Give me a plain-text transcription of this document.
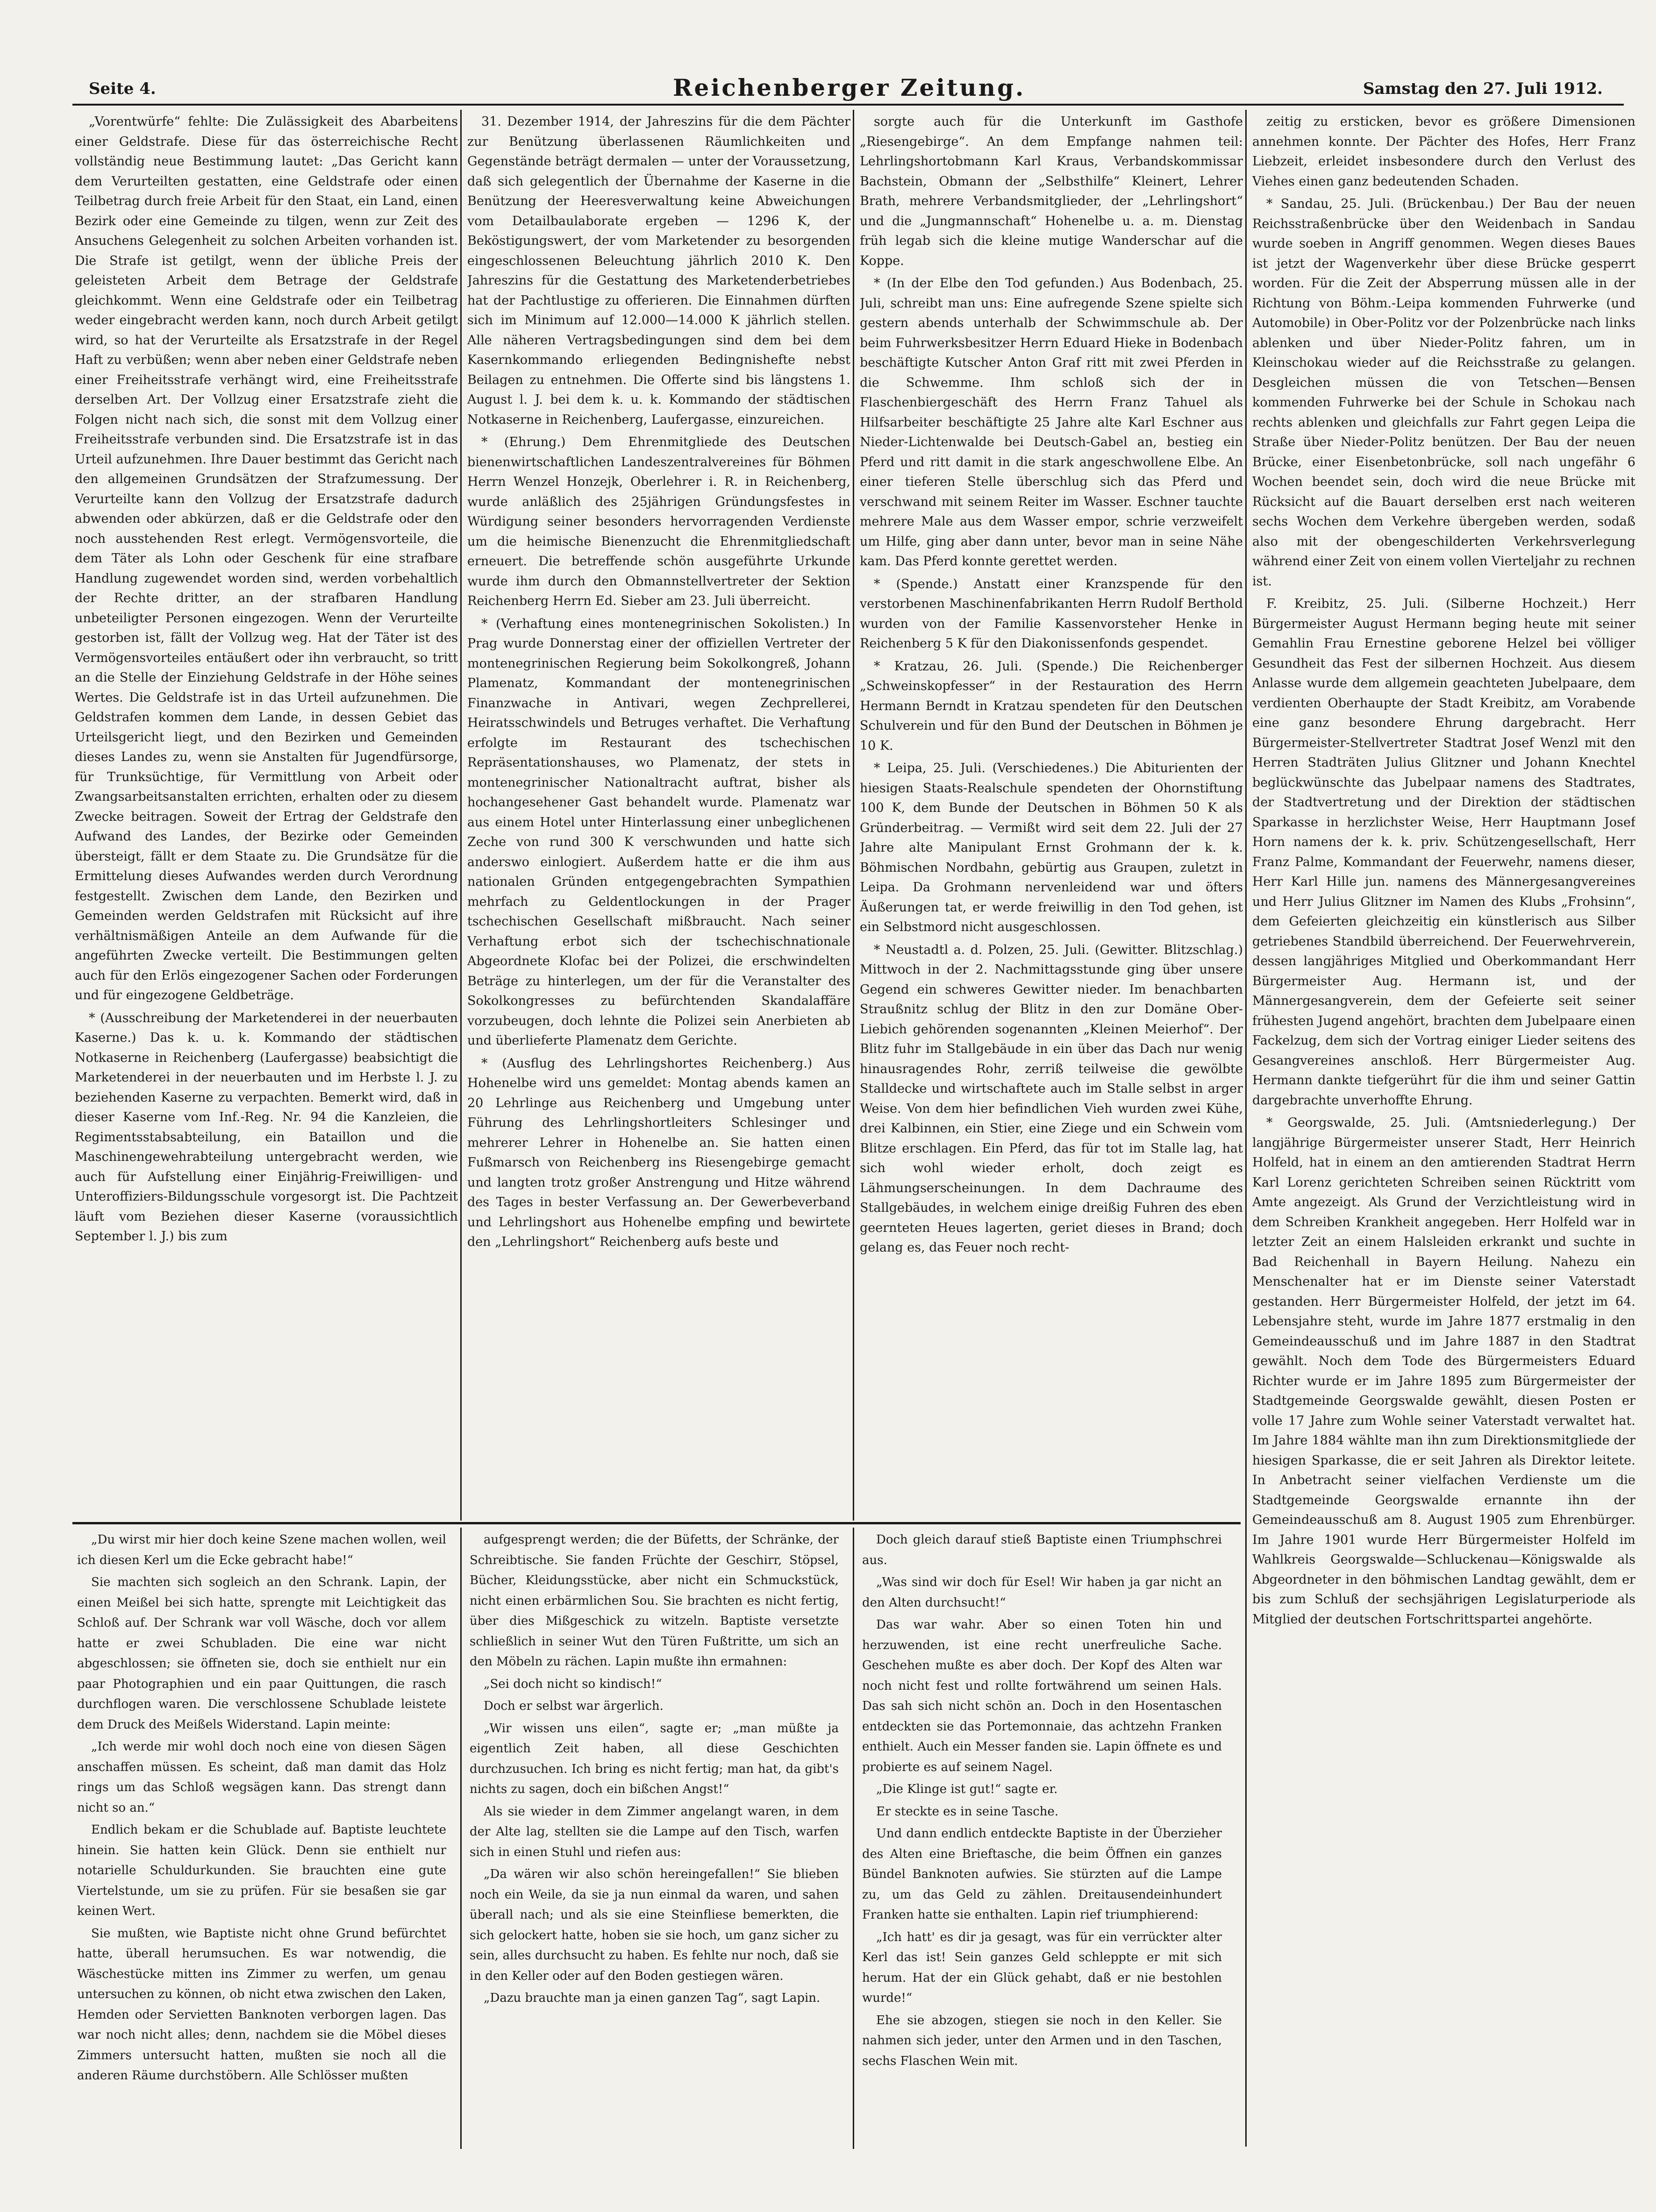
Seite 4.	Reichenberger Zeitung.	Samstag den 27. Juli 1912.

„Vorentwürfe“ fehlte: Die Zulässigkeit des Abarbeitens einer Geldstrafe. Diese für das österreichische Recht vollständig neue Bestimmung lautet: „Das Gericht kann dem Verurteilten gestatten, eine Geldstrafe oder einen Teilbetrag durch freie Arbeit für den Staat, ein Land, einen Bezirk oder eine Gemeinde zu tilgen, wenn zur Zeit des Ansuchens Gelegenheit zu solchen Arbeiten vorhanden ist. Die Strafe ist getilgt, wenn der übliche Preis der geleisteten Arbeit dem Betrage der Geldstrafe gleichkommt. Wenn eine Geldstrafe oder ein Teilbetrag weder eingebracht werden kann, noch durch Arbeit getilgt wird, so hat der Verurteilte als Ersatzstrafe in der Regel Haft zu verbüßen; wenn aber neben einer Geldstrafe neben einer Freiheitsstrafe verhängt wird, eine Freiheitsstrafe derselben Art. Der Vollzug einer Ersatzstrafe zieht die Folgen nicht nach sich, die sonst mit dem Vollzug einer Freiheitsstrafe verbunden sind. Die Ersatzstrafe ist in das Urteil aufzunehmen. Ihre Dauer bestimmt das Gericht nach den allgemeinen Grundsätzen der Strafzumessung. Der Verurteilte kann den Vollzug der Ersatzstrafe dadurch abwenden oder abkürzen, daß er die Geldstrafe oder den noch ausstehenden Rest erlegt. Vermögensvorteile, die dem Täter als Lohn oder Geschenk für eine strafbare Handlung zugewendet worden sind, werden vorbehaltlich der Rechte dritter, an der strafbaren Handlung unbeteiligter Personen eingezogen. Wenn der Verurteilte gestorben ist, fällt der Vollzug weg. Hat der Täter ist des Vermögensvorteiles entäußert oder ihn verbraucht, so tritt an die Stelle der Einziehung Geldstrafe in der Höhe seines Wertes. Die Geldstrafe ist in das Urteil aufzunehmen. Die Geldstrafen kommen dem Lande, in dessen Gebiet das Urteilsgericht liegt, und den Bezirken und Gemeinden dieses Landes zu, wenn sie Anstalten für Jugendfürsorge, für Trunksüchtige, für Vermittlung von Arbeit oder Zwangsarbeitsanstalten errichten, erhalten oder zu diesem Zwecke beitragen. Soweit der Ertrag der Geldstrafe den Aufwand des Landes, der Bezirke oder Gemeinden übersteigt, fällt er dem Staate zu. Die Grundsätze für die Ermittelung dieses Aufwandes werden durch Verordnung festgestellt. Zwischen dem Lande, den Bezirken und Gemeinden werden Geldstrafen mit Rücksicht auf ihre verhältnismäßigen Anteile an dem Aufwande für die angeführten Zwecke verteilt. Die Bestimmungen gelten auch für den Erlös eingezogener Sachen oder Forderungen und für eingezogene Geldbeträge.

* (Ausschreibung der Marketenderei in der neuerbauten Kaserne.) Das k. u. k. Kommando der städtischen Notkaserne in Reichenberg (Laufergasse) beabsichtigt die Marketenderei in der neuerbauten und im Herbste l. J. zu beziehenden Kaserne zu verpachten. Bemerkt wird, daß in dieser Kaserne vom Inf.-Reg. Nr. 94 die Kanzleien, die Regimentsstabsabteilung, ein Bataillon und die Maschinengewehrabteilung untergebracht werden, wie auch für Aufstellung einer Einjährig-Freiwilligen- und Unteroffiziers-Bildungsschule vorgesorgt ist. Die Pachtzeit läuft vom Beziehen dieser Kaserne (voraussichtlich September l. J.) bis zum

31. Dezember 1914, der Jahreszins für die dem Pächter zur Benützung überlassenen Räumlichkeiten und Gegenstände beträgt dermalen — unter der Voraussetzung, daß sich gelegentlich der Übernahme der Kaserne in die Benützung der Heeresverwaltung keine Abweichungen vom Detailbaulaborate ergeben — 1296 K, der Beköstigungswert, der vom Marketender zu besorgenden eingeschlossenen Beleuchtung jährlich 2010 K. Den Jahreszins für die Gestattung des Marketenderbetriebes hat der Pachtlustige zu offerieren. Die Einnahmen dürften sich im Minimum auf 12.000—14.000 K jährlich stellen. Alle näheren Vertragsbedingungen sind dem bei dem Kasernkommando erliegenden Bedingnishefte nebst Beilagen zu entnehmen. Die Offerte sind bis längstens 1. August l. J. bei dem k. u. k. Kommando der städtischen Notkaserne in Reichenberg, Laufergasse, einzureichen.

* (Ehrung.) Dem Ehrenmitgliede des Deutschen bienenwirtschaftlichen Landeszentralvereines für Böhmen Herrn Wenzel Honzejk, Oberlehrer i. R. in Reichenberg, wurde anläßlich des 25jährigen Gründungsfestes in Würdigung seiner besonders hervorragenden Verdienste um die heimische Bienenzucht die Ehrenmitgliedschaft erneuert. Die betreffende schön ausgeführte Urkunde wurde ihm durch den Obmannstellvertreter der Sektion Reichenberg Herrn Ed. Sieber am 23. Juli überreicht.

* (Verhaftung eines montenegrinischen Sokolisten.) In Prag wurde Donnerstag einer der offiziellen Vertreter der montenegrinischen Regierung beim Sokolkongreß, Johann Plamenatz, Kommandant der montenegrinischen Finanzwache in Antivari, wegen Zechprellerei, Heiratsschwindels und Betruges verhaftet. Die Verhaftung erfolgte im Restaurant des tschechischen Repräsentationshauses, wo Plamenatz, der stets in montenegrinischer Nationaltracht auftrat, bisher als hochangesehener Gast behandelt wurde. Plamenatz war aus einem Hotel unter Hinterlassung einer unbeglichenen Zeche von rund 300 K verschwunden und hatte sich anderswo einlogiert. Außerdem hatte er die ihm aus nationalen Gründen entgegengebrachten Sympathien mehrfach zu Geldentlockungen in der Prager tschechischen Gesellschaft mißbraucht. Nach seiner Verhaftung erbot sich der tschechischnationale Abgeordnete Klofac bei der Polizei, die erschwindelten Beträge zu hinterlegen, um der für die Veranstalter des Sokolkongresses zu befürchtenden Skandalaffäre vorzubeugen, doch lehnte die Polizei sein Anerbieten ab und überlieferte Plamenatz dem Gerichte.

* (Ausflug des Lehrlingshortes Reichenberg.) Aus Hohenelbe wird uns gemeldet: Montag abends kamen an 20 Lehrlinge aus Reichenberg und Umgebung unter Führung des Lehrlingshortleiters Schlesinger und mehrerer Lehrer in Hohenelbe an. Sie hatten einen Fußmarsch von Reichenberg ins Riesengebirge gemacht und langten trotz großer Anstrengung und Hitze während des Tages in bester Verfassung an. Der Gewerbeverband und Lehrlingshort aus Hohenelbe empfing und bewirtete den „Lehrlingshort“ Reichenberg aufs beste und

sorgte auch für die Unterkunft im Gasthofe „Riesengebirge“. An dem Empfange nahmen teil: Lehrlingshortobmann Karl Kraus, Verbandskommissar Bachstein, Obmann der „Selbsthilfe“ Kleinert, Lehrer Brath, mehrere Verbandsmitglieder, der „Lehrlingshort“ und die „Jungmannschaft“ Hohenelbe u. a. m. Dienstag früh legab sich die kleine mutige Wanderschar auf die Koppe.

* (In der Elbe den Tod gefunden.) Aus Bodenbach, 25. Juli, schreibt man uns: Eine aufregende Szene spielte sich gestern abends unterhalb der Schwimmschule ab. Der beim Fuhrwerksbesitzer Herrn Eduard Hieke in Bodenbach beschäftigte Kutscher Anton Graf ritt mit zwei Pferden in die Schwemme. Ihm schloß sich der in Flaschenbiergeschäft des Herrn Franz Tahuel als Hilfsarbeiter beschäftigte 25 Jahre alte Karl Eschner aus Nieder-Lichtenwalde bei Deutsch-Gabel an, bestieg ein Pferd und ritt damit in die stark angeschwollene Elbe. An einer tieferen Stelle überschlug sich das Pferd und verschwand mit seinem Reiter im Wasser. Eschner tauchte mehrere Male aus dem Wasser empor, schrie verzweifelt um Hilfe, ging aber dann unter, bevor man in seine Nähe kam. Das Pferd konnte gerettet werden.

* (Spende.) Anstatt einer Kranzspende für den verstorbenen Maschinenfabrikanten Herrn Rudolf Berthold wurden von der Familie Kassenvorsteher Henke in Reichenberg 5 K für den Diakonissenfonds gespendet.

* Kratzau, 26. Juli. (Spende.) Die Reichenberger „Schweinskopfesser“ in der Restauration des Herrn Hermann Berndt in Kratzau spendeten für den Deutschen Schulverein und für den Bund der Deutschen in Böhmen je 10 K.

* Leipa, 25. Juli. (Verschiedenes.) Die Abiturienten der hiesigen Staats-Realschule spendeten der Ohornstiftung 100 K, dem Bunde der Deutschen in Böhmen 50 K als Gründerbeitrag. — Vermißt wird seit dem 22. Juli der 27 Jahre alte Manipulant Ernst Grohmann der k. k. Böhmischen Nordbahn, gebürtig aus Graupen, zuletzt in Leipa. Da Grohmann nervenleidend war und öfters Äußerungen tat, er werde freiwillig in den Tod gehen, ist ein Selbstmord nicht ausgeschlossen.

* Neustadtl a. d. Polzen, 25. Juli. (Gewitter. Blitzschlag.) Mittwoch in der 2. Nachmittagsstunde ging über unsere Gegend ein schweres Gewitter nieder. Im benachbarten Straußnitz schlug der Blitz in den zur Domäne Ober-Liebich gehörenden sogenannten „Kleinen Meierhof“. Der Blitz fuhr im Stallgebäude in ein über das Dach nur wenig hinausragendes Rohr, zerriß teilweise die gewölbte Stalldecke und wirtschaftete auch im Stalle selbst in arger Weise. Von dem hier befindlichen Vieh wurden zwei Kühe, drei Kalbinnen, ein Stier, eine Ziege und ein Schwein vom Blitze erschlagen. Ein Pferd, das für tot im Stalle lag, hat sich wohl wieder erholt, doch zeigt es Lähmungserscheinungen. In dem Dachraume des Stallgebäudes, in welchem einige dreißig Fuhren des eben geernteten Heues lagerten, geriet dieses in Brand; doch gelang es, das Feuer noch recht-

zeitig zu ersticken, bevor es größere Dimensionen annehmen konnte. Der Pächter des Hofes, Herr Franz Liebzeit, erleidet insbesondere durch den Verlust des Viehes einen ganz bedeutenden Schaden.

* Sandau, 25. Juli. (Brückenbau.) Der Bau der neuen Reichsstraßenbrücke über den Weidenbach in Sandau wurde soeben in Angriff genommen. Wegen dieses Baues ist jetzt der Wagenverkehr über diese Brücke gesperrt worden. Für die Zeit der Absperrung müssen alle in der Richtung von Böhm.-Leipa kommenden Fuhrwerke (und Automobile) in Ober-Politz vor der Polzenbrücke nach links ablenken und über Nieder-Politz fahren, um in Kleinschokau wieder auf die Reichsstraße zu gelangen. Desgleichen müssen die von Tetschen—Bensen kommenden Fuhrwerke bei der Schule in Schokau nach rechts ablenken und gleichfalls zur Fahrt gegen Leipa die Straße über Nieder-Politz benützen. Der Bau der neuen Brücke, einer Eisenbetonbrücke, soll nach ungefähr 6 Wochen beendet sein, doch wird die neue Brücke mit Rücksicht auf die Bauart derselben erst nach weiteren sechs Wochen dem Verkehre übergeben werden, sodaß also mit der obengeschilderten Verkehrsverlegung während einer Zeit von einem vollen Vierteljahr zu rechnen ist.

F. Kreibitz, 25. Juli. (Silberne Hochzeit.) Herr Bürgermeister August Hermann beging heute mit seiner Gemahlin Frau Ernestine geborene Helzel bei völliger Gesundheit das Fest der silbernen Hochzeit. Aus diesem Anlasse wurde dem allgemein geachteten Jubelpaare, dem verdienten Oberhaupte der Stadt Kreibitz, am Vorabende eine ganz besondere Ehrung dargebracht. Herr Bürgermeister-Stellvertreter Stadtrat Josef Wenzl mit den Herren Stadträten Julius Glitzner und Johann Knechtel beglückwünschte das Jubelpaar namens des Stadtrates, der Stadtvertretung und der Direktion der städtischen Sparkasse in herzlichster Weise, Herr Hauptmann Josef Horn namens der k. k. priv. Schützengesellschaft, Herr Franz Palme, Kommandant der Feuerwehr, namens dieser, Herr Karl Hille jun. namens des Männergesangvereines und Herr Julius Glitzner im Namen des Klubs „Frohsinn“, dem Gefeierten gleichzeitig ein künstlerisch aus Silber getriebenes Standbild überreichend. Der Feuerwehrverein, dessen langjähriges Mitglied und Oberkommandant Herr Bürgermeister Aug. Hermann ist, und der Männergesangverein, dem der Gefeierte seit seiner frühesten Jugend angehört, brachten dem Jubelpaare einen Fackelzug, dem sich der Vortrag einiger Lieder seitens des Gesangvereines anschloß. Herr Bürgermeister Aug. Hermann dankte tiefgerührt für die ihm und seiner Gattin dargebrachte unverhoffte Ehrung.

* Georgswalde, 25. Juli. (Amtsniederlegung.) Der langjährige Bürgermeister unserer Stadt, Herr Heinrich Holfeld, hat in einem an den amtierenden Stadtrat Herrn Karl Lorenz gerichteten Schreiben seinen Rücktritt vom Amte angezeigt. Als Grund der Verzichtleistung wird in dem Schreiben Krankheit angegeben. Herr Holfeld war in letzter Zeit an einem Halsleiden erkrankt und suchte in Bad Reichenhall in Bayern Heilung. Nahezu ein Menschenalter hat er im Dienste seiner Vaterstadt gestanden. Herr Bürgermeister Holfeld, der jetzt im 64. Lebensjahre steht, wurde im Jahre 1877 erstmalig in den Gemeindeausschuß und im Jahre 1887 in den Stadtrat gewählt. Noch dem Tode des Bürgermeisters Eduard Richter wurde er im Jahre 1895 zum Bürgermeister der Stadtgemeinde Georgswalde gewählt, diesen Posten er volle 17 Jahre zum Wohle seiner Vaterstadt verwaltet hat. Im Jahre 1884 wählte man ihn zum Direktionsmitgliede der hiesigen Sparkasse, die er seit Jahren als Direktor leitete. In Anbetracht seiner vielfachen Verdienste um die Stadtgemeinde Georgswalde ernannte ihn der Gemeindeausschuß am 8. August 1905 zum Ehrenbürger. Im Jahre 1901 wurde Herr Bürgermeister Holfeld im Wahlkreis Georgswalde—Schluckenau—Königswalde als Abgeordneter in den böhmischen Landtag gewählt, dem er bis zum Schluß der sechsjährigen Legislaturperiode als Mitglied der deutschen Fortschrittspartei angehörte.

„Du wirst mir hier doch keine Szene machen wollen, weil ich diesen Kerl um die Ecke gebracht habe!“

Sie machten sich sogleich an den Schrank. Lapin, der einen Meißel bei sich hatte, sprengte mit Leichtigkeit das Schloß auf. Der Schrank war voll Wäsche, doch vor allem hatte er zwei Schubladen. Die eine war nicht abgeschlossen; sie öffneten sie, doch sie enthielt nur ein paar Photographien und ein paar Quittungen, die rasch durchflogen waren. Die verschlossene Schublade leistete dem Druck des Meißels Widerstand. Lapin meinte:

„Ich werde mir wohl doch noch eine von diesen Sägen anschaffen müssen. Es scheint, daß man damit das Holz rings um das Schloß wegsägen kann. Das strengt dann nicht so an.“

Endlich bekam er die Schublade auf. Baptiste leuchtete hinein. Sie hatten kein Glück. Denn sie enthielt nur notarielle Schuldurkunden. Sie brauchten eine gute Viertelstunde, um sie zu prüfen. Für sie besaßen sie gar keinen Wert.

Sie mußten, wie Baptiste nicht ohne Grund befürchtet hatte, überall herumsuchen. Es war notwendig, die Wäschestücke mitten ins Zimmer zu werfen, um genau untersuchen zu können, ob nicht etwa zwischen den Laken, Hemden oder Servietten Banknoten verborgen lagen. Das war noch nicht alles; denn, nachdem sie die Möbel dieses Zimmers untersucht hatten, mußten sie noch all die anderen Räume durchstöbern. Alle Schlösser mußten

aufgesprengt werden; die der Büfetts, der Schränke, der Schreibtische. Sie fanden Früchte der Geschirr, Stöpsel, Bücher, Kleidungsstücke, aber nicht ein Schmuckstück, nicht einen erbärmlichen Sou. Sie brachten es nicht fertig, über dies Mißgeschick zu witzeln. Baptiste versetzte schließlich in seiner Wut den Türen Fußtritte, um sich an den Möbeln zu rächen. Lapin mußte ihn ermahnen:

„Sei doch nicht so kindisch!“

Doch er selbst war ärgerlich.

„Wir wissen uns eilen“, sagte er; „man müßte ja eigentlich Zeit haben, all diese Geschichten durchzusuchen. Ich bring es nicht fertig; man hat, da gibt's nichts zu sagen, doch ein bißchen Angst!“

Als sie wieder in dem Zimmer angelangt waren, in dem der Alte lag, stellten sie die Lampe auf den Tisch, warfen sich in einen Stuhl und riefen aus:

„Da wären wir also schön hereingefallen!“ Sie blieben noch ein Weile, da sie ja nun einmal da waren, und sahen überall nach; und als sie eine Steinfliese bemerkten, die sich gelockert hatte, hoben sie sie hoch, um ganz sicher zu sein, alles durchsucht zu haben. Es fehlte nur noch, daß sie in den Keller oder auf den Boden gestiegen wären.

„Dazu brauchte man ja einen ganzen Tag“, sagt Lapin.

Doch gleich darauf stieß Baptiste einen Triumphschrei aus.

„Was sind wir doch für Esel! Wir haben ja gar nicht an den Alten durchsucht!“

Das war wahr. Aber so einen Toten hin und herzuwenden, ist eine recht unerfreuliche Sache. Geschehen mußte es aber doch. Der Kopf des Alten war noch nicht fest und rollte fortwährend um seinen Hals. Das sah sich nicht schön an. Doch in den Hosentaschen entdeckten sie das Portemonnaie, das achtzehn Franken enthielt. Auch ein Messer fanden sie. Lapin öffnete es und probierte es auf seinem Nagel.

„Die Klinge ist gut!“ sagte er.

Er steckte es in seine Tasche.

Und dann endlich entdeckte Baptiste in der Überzieher des Alten eine Brieftasche, die beim Öffnen ein ganzes Bündel Banknoten aufwies. Sie stürzten auf die Lampe zu, um das Geld zu zählen. Dreitausendeinhundert Franken hatte sie enthalten. Lapin rief triumphierend:

„Ich hatt' es dir ja gesagt, was für ein verrückter alter Kerl das ist! Sein ganzes Geld schleppte er mit sich herum. Hat der ein Glück gehabt, daß er nie bestohlen wurde!“

Ehe sie abzogen, stiegen sie noch in den Keller. Sie nahmen sich jeder, unter den Armen und in den Taschen, sechs Flaschen Wein mit.
